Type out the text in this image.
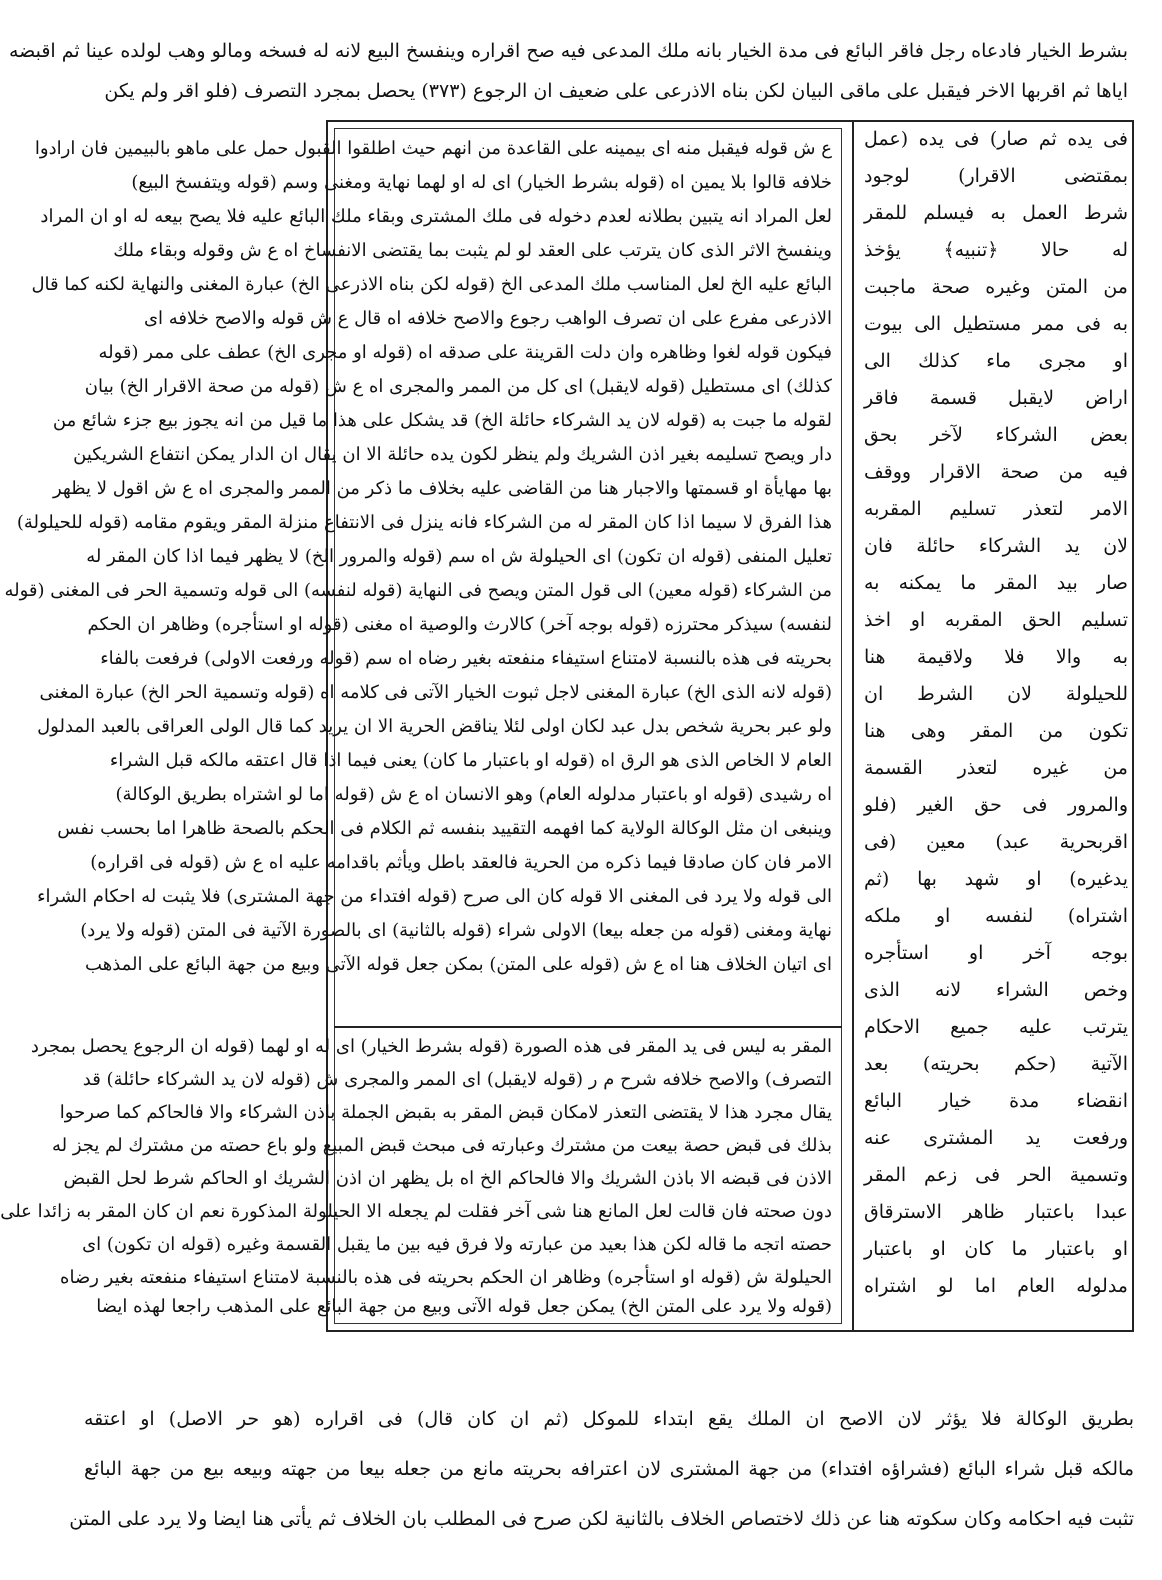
بشرط الخيار فادعاه رجل فاقر البائع فى مدة الخيار بانه ملك المدعى فيه صح اقراره وينفسخ البيع لانه له فسخه ومالو وهب لولده عينا ثم اقبضه
اياها ثم اقربها الاخر فيقبل على ماقى البيان لكن بناه الاذرعى على ضعيف ان الرجوع (٣٧٣) يحصل بمجرد التصرف (فلو اقر ولم يكن
فى يده ثم صار) فى يده (عمل
بمقتضى الاقرار) لوجود
شرط العمل به فيسلم للمقر
له حالا ﴿تنبيه﴾ يؤخذ
من المتن وغيره صحة ماجبت
به فى ممر مستطيل الى بيوت
او مجرى ماء كذلك الى
اراض لايقبل قسمة فاقر
بعض الشركاء لآخر بحق
فيه من صحة الاقرار ووقف
الامر لتعذر تسليم المقربه
لان يد الشركاء حائلة فان
صار بيد المقر ما يمكنه به
تسليم الحق المقربه او اخذ
به والا فلا ولاقيمة هنا
للحيلولة لان الشرط ان
تكون من المقر وهى هنا
من غيره لتعذر القسمة
والمرور فى حق الغير (فلو
اقربحرية عبد) معين (فى
يدغيره) او شهد بها (ثم
اشتراه) لنفسه او ملكه
بوجه آخر او استأجره
وخص الشراء لانه الذى
يترتب عليه جميع الاحكام
الآتية (حكم بحريته) بعد
انقضاء مدة خيار البائع
ورفعت يد المشترى عنه
وتسمية الحر فى زعم المقر
عبدا باعتبار ظاهر الاسترقاق
او باعتبار ما كان او باعتبار
مدلوله العام اما لو اشتراه
ع ش قوله فيقبل منه اى بيمينه على القاعدة من انهم حيث اطلقوا القبول حمل على ماهو بالبيمين فان ارادوا
خلافه قالوا بلا يمين اه (قوله بشرط الخيار) اى له او لهما نهاية ومغنى وسم (قوله ويتفسخ البيع)
لعل المراد انه يتبين بطلانه لعدم دخوله فى ملك المشترى وبقاء ملك البائع عليه فلا يصح بيعه له او ان المراد
وينفسخ الاثر الذى كان يترتب على العقد لو لم يثبت بما يقتضى الانفساخ اه ع ش وقوله وبقاء ملك
البائع عليه الخ لعل المناسب ملك المدعى الخ (قوله لكن بناه الاذرعى الخ) عبارة المغنى والنهاية لكنه كما قال
الاذرعى مفرع على ان تصرف الواهب رجوع والاصح خلافه اه قال ع ش قوله والاصح خلافه اى
فيكون قوله لغوا وظاهره وان دلت القرينة على صدقه اه (قوله او مجرى الخ) عطف على ممر (قوله
كذلك) اى مستطيل (قوله لايقبل) اى كل من الممر والمجرى اه ع ش (قوله من صحة الاقرار الخ) بيان
لقوله ما جبت به (قوله لان يد الشركاء حائلة الخ) قد يشكل على هذا ما قيل من انه يجوز بيع جزء شائع من
دار ويصح تسليمه بغير اذن الشريك ولم ينظر لكون يده حائلة الا ان يقال ان الدار يمكن انتفاع الشريكين
بها مهايأة او قسمتها والاجبار هنا من القاضى عليه بخلاف ما ذكر من الممر والمجرى اه ع ش اقول لا يظهر
هذا الفرق لا سيما اذا كان المقر له من الشركاء فانه ينزل فى الانتفاع منزلة المقر ويقوم مقامه (قوله للحيلولة)
تعليل المنفى (قوله ان تكون) اى الحيلولة ش اه سم (قوله والمرور الخ) لا يظهر فيما اذا كان المقر له
من الشركاء (قوله معين) الى قول المتن ويصح فى النهاية (قوله لنفسه) الى قوله وتسمية الحر فى المغنى (قوله
لنفسه) سيذكر محترزه (قوله بوجه آخر) كالارث والوصية اه مغنى (قوله او استأجره) وظاهر ان الحكم
بحريته فى هذه بالنسبة لامتناع استيفاء منفعته بغير رضاه اه سم (قوله ورفعت الاولى) فرفعت بالفاء
(قوله لانه الذى الخ) عبارة المغنى لاجل ثبوت الخيار الآتى فى كلامه اه (قوله وتسمية الحر الخ) عبارة المغنى
ولو عبر بحرية شخص بدل عبد لكان اولى لئلا يناقض الحرية الا ان يريد كما قال الولى العراقى بالعبد المدلول
العام لا الخاص الذى هو الرق اه (قوله او باعتبار ما كان) يعنى فيما اذا قال اعتقه مالكه قبل الشراء
اه رشيدى (قوله او باعتبار مدلوله العام) وهو الانسان اه ع ش (قوله اما لو اشتراه بطريق الوكالة)
وينبغى ان مثل الوكالة الولاية كما افهمه التقييد بنفسه ثم الكلام فى الحكم بالصحة ظاهرا اما بحسب نفس
الامر فان كان صادقا فيما ذكره من الحرية فالعقد باطل ويأثم باقدامه عليه اه ع ش (قوله فى اقراره)
الى قوله ولا يرد فى المغنى الا قوله كان الى صرح (قوله افتداء من جهة المشترى) فلا يثبت له احكام الشراء
نهاية ومغنى (قوله من جعله بيعا) الاولى شراء (قوله بالثانية) اى بالصورة الآتية فى المتن (قوله ولا يرد)
اى اتيان الخلاف هنا اه ع ش (قوله على المتن) بمكن جعل قوله الآتى وبيع من جهة البائع على المذهب
المقر به ليس فى يد المقر فى هذه الصورة (قوله بشرط الخيار) اى له او لهما (قوله ان الرجوع يحصل بمجرد
التصرف) والاصح خلافه شرح م ر (قوله لايقبل) اى الممر والمجرى ش (قوله لان يد الشركاء حائلة) قد
يقال مجرد هذا لا يقتضى التعذر لامكان قبض المقر به بقبض الجملة باذن الشركاء والا فالحاكم كما صرحوا
بذلك فى قبض حصة بيعت من مشترك وعبارته فى مبحث قبض المبيع ولو باع حصته من مشترك لم يجز له
الاذن فى قبضه الا باذن الشريك والا فالحاكم الخ اه بل يظهر ان اذن الشريك او الحاكم شرط لحل القبض
دون صحته فان قالت لعل المانع هنا شى آخر فقلت لم يجعله الا الحيلولة المذكورة نعم ان كان المقر به زائدا على
حصته اتجه ما قاله لكن هذا بعيد من عبارته ولا فرق فيه بين ما يقبل القسمة وغيره (قوله ان تكون) اى
الحيلولة ش (قوله او استأجره) وظاهر ان الحكم بحريته فى هذه بالنسبة لامتناع استيفاء منفعته بغير رضاه
(قوله ولا يرد على المتن الخ) يمكن جعل قوله الآتى وبيع من جهة البائع على المذهب راجعا لهذه ايضا
بطريق الوكالة فلا يؤثر لان الاصح ان الملك يقع ابتداء للموكل (ثم ان كان قال) فى اقراره (هو حر الاصل) او اعتقه
مالكه قبل شراء البائع (فشراؤه افتداء) من جهة المشترى لان اعترافه بحريته مانع من جعله بيعا من جهته وبيعه بيع من جهة البائع
تثبت فيه احكامه وكان سكوته هنا عن ذلك لاختصاص الخلاف بالثانية لكن صرح فى المطلب بان الخلاف ثم يأتى هنا ايضا ولا يرد على المتن
